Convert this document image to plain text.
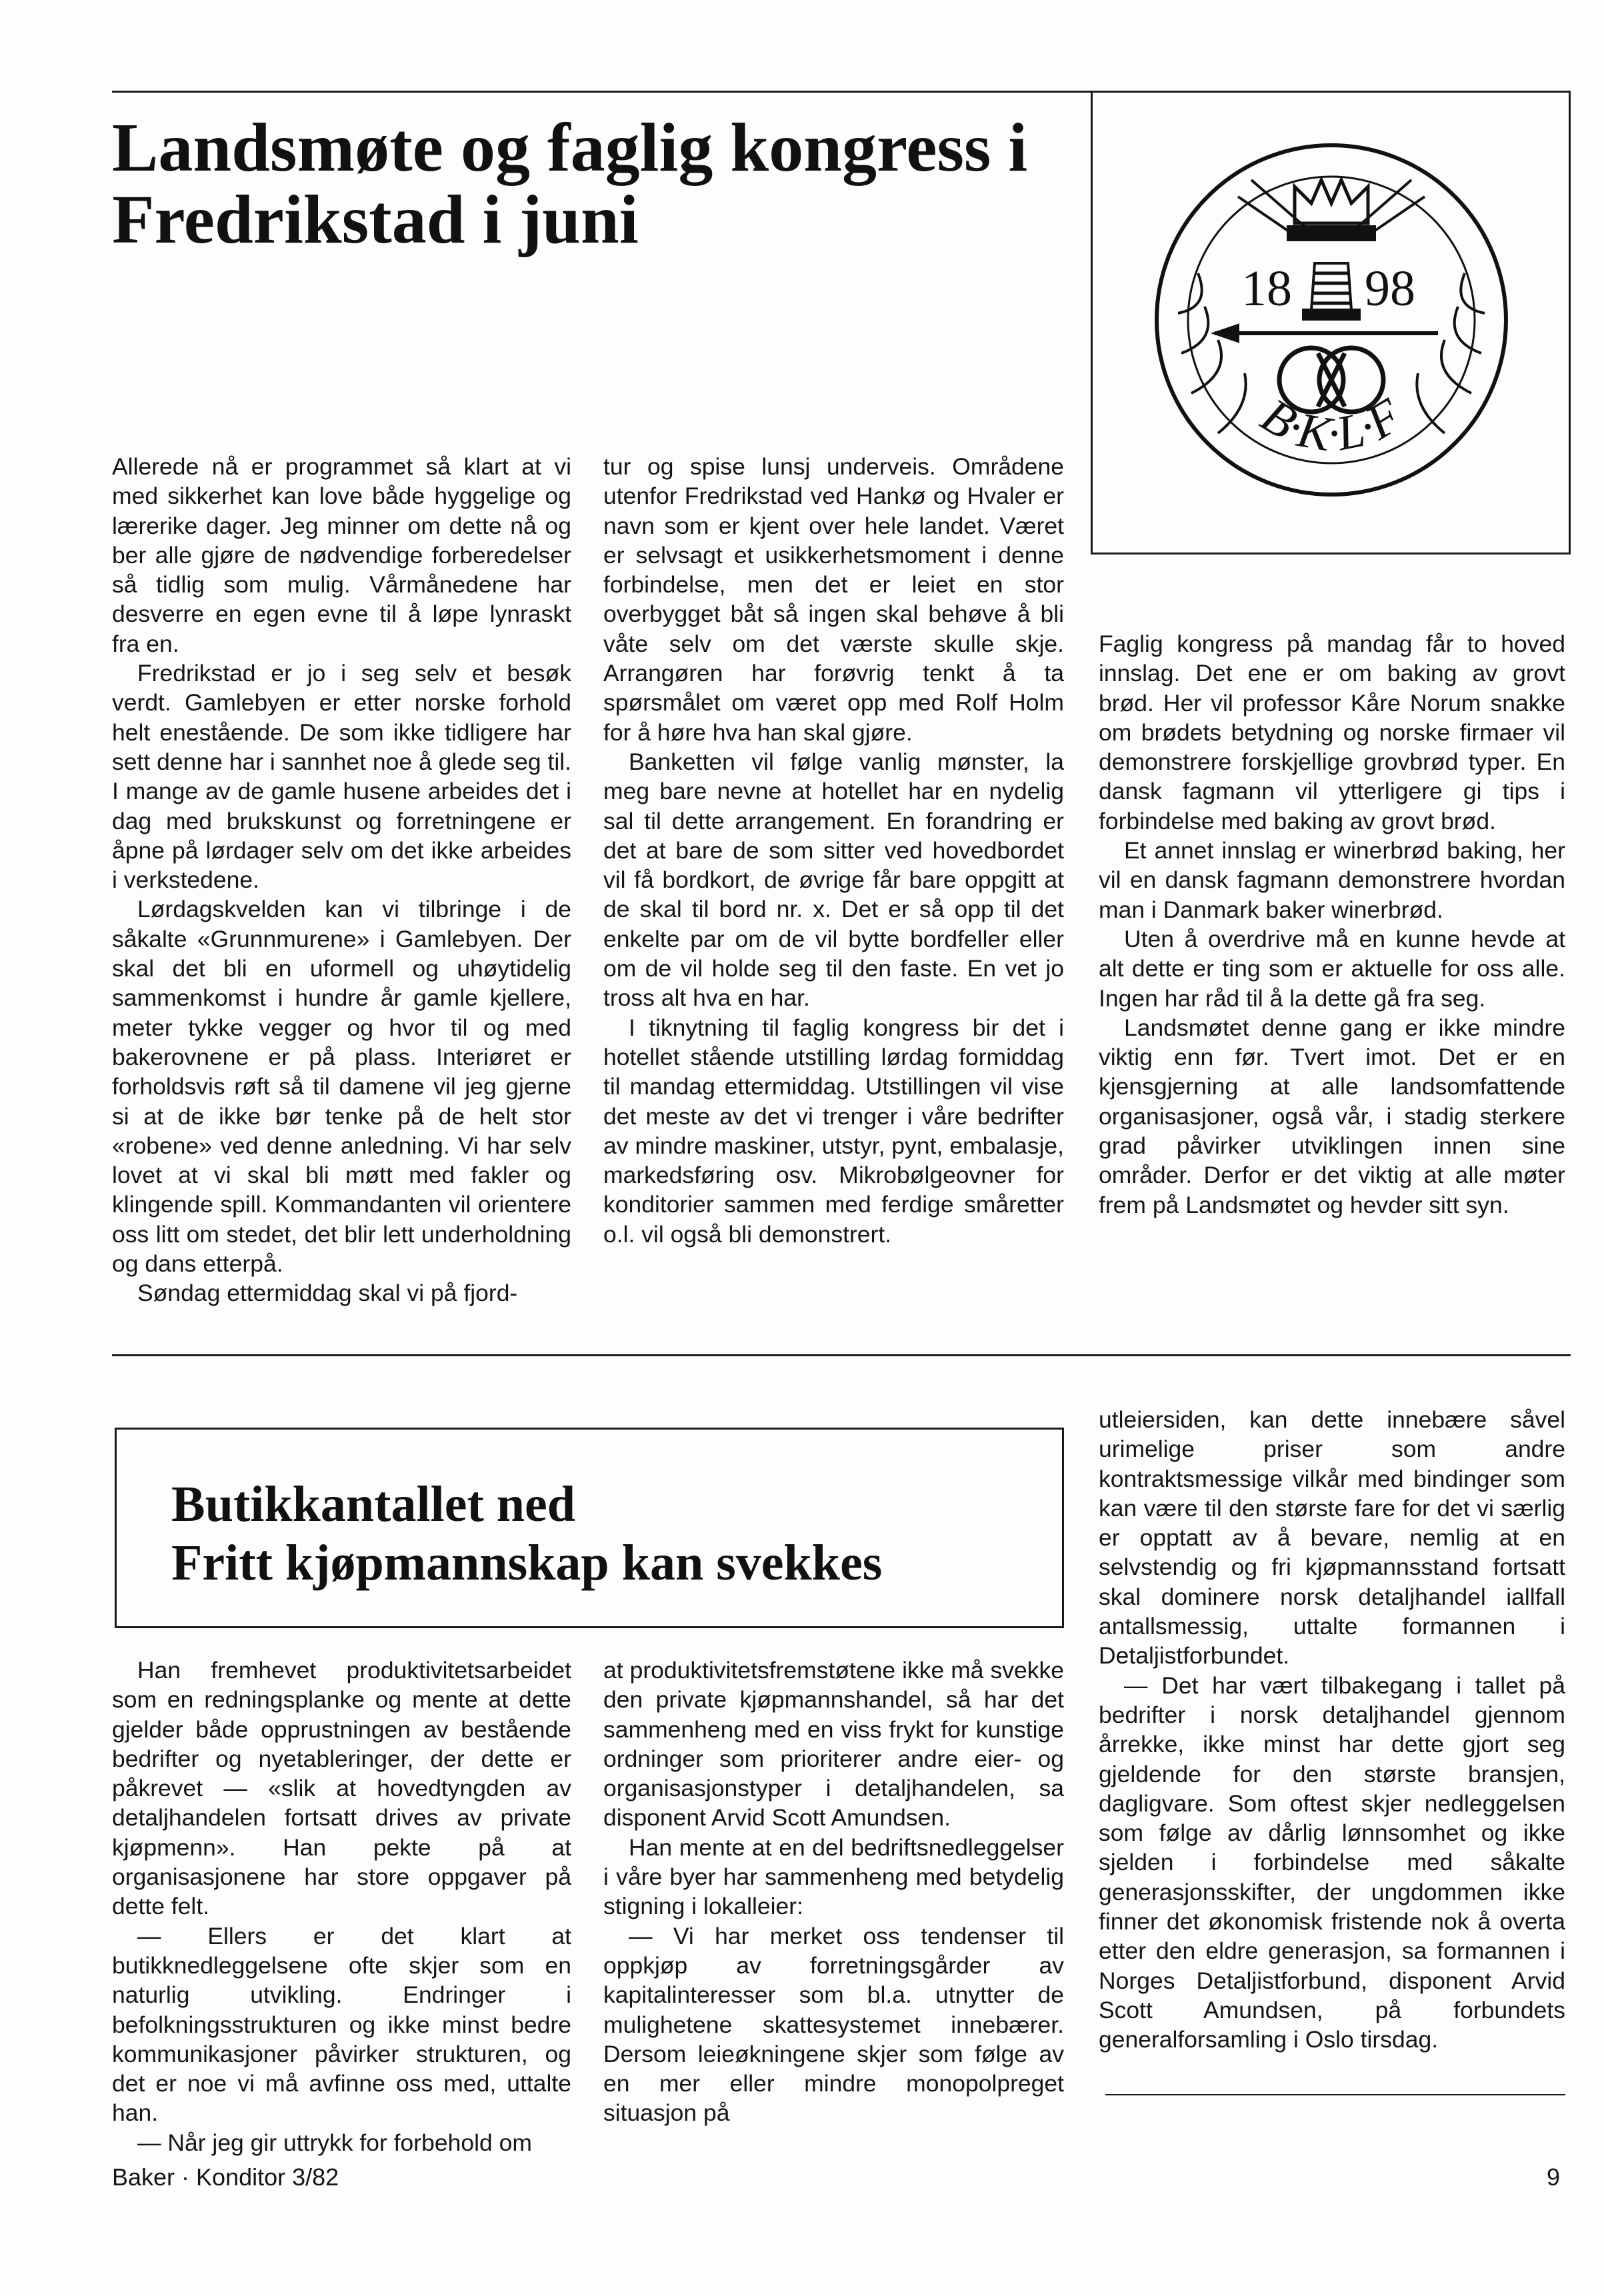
Landsmøte og faglig kongress i
Fredrikstad i juni
18 98
B·K·L·F

Allerede nå er programmet så klart at vi med sikkerhet kan love både hyggelige og lærerike dager. Jeg minner om dette nå og ber alle gjøre de nødvendige forberedelser så tidlig som mulig. Vårmånedene har desverre en egen evne til å løpe lynraskt fra en.

Fredrikstad er jo i seg selv et besøk verdt. Gamlebyen er etter norske forhold helt enestående. De som ikke tidligere har sett denne har i sannhet noe å glede seg til. I mange av de gamle husene arbeides det i dag med brukskunst og forretningene er åpne på lørdager selv om det ikke arbeides i verkstedene.

Lørdagskvelden kan vi tilbringe i de såkalte «Grunnmurene» i Gamlebyen. Der skal det bli en uformell og uhøytidelig sammenkomst i hundre år gamle kjellere, meter tykke vegger og hvor til og med bakerovnene er på plass. Interiøret er forholdsvis røft så til damene vil jeg gjerne si at de ikke bør tenke på de helt stor «robene» ved denne anledning. Vi har selv lovet at vi skal bli møtt med fakler og klingende spill. Kommandanten vil orientere oss litt om stedet, det blir lett underholdning og dans etterpå.

Søndag ettermiddag skal vi på fjord-

tur og spise lunsj underveis. Områdene utenfor Fredrikstad ved Hankø og Hvaler er navn som er kjent over hele landet. Været er selvsagt et usikkerhetsmoment i denne forbindelse, men det er leiet en stor overbygget båt så ingen skal behøve å bli våte selv om det værste skulle skje. Arrangøren har forøvrig tenkt å ta spørsmålet om været opp med Rolf Holm for å høre hva han skal gjøre.

Banketten vil følge vanlig mønster, la meg bare nevne at hotellet har en nydelig sal til dette arrangement. En forandring er det at bare de som sitter ved hovedbordet vil få bordkort, de øvrige får bare oppgitt at de skal til bord nr. x. Det er så opp til det enkelte par om de vil bytte bordfeller eller om de vil holde seg til den faste. En vet jo tross alt hva en har.

I tiknytning til faglig kongress bir det i hotellet stående utstilling lørdag formiddag til mandag ettermiddag. Utstillingen vil vise det meste av det vi trenger i våre bedrifter av mindre maskiner, utstyr, pynt, embalasje, markedsføring osv. Mikrobølgeovner for konditorier sammen med ferdige småretter o.l. vil også bli demonstrert.

Faglig kongress på mandag får to hoved innslag. Det ene er om baking av grovt brød. Her vil professor Kåre Norum snakke om brødets betydning og norske firmaer vil demonstrere forskjellige grovbrød typer. En dansk fagmann vil ytterligere gi tips i forbindelse med baking av grovt brød.

Et annet innslag er winerbrød baking, her vil en dansk fagmann demonstrere hvordan man i Danmark baker winerbrød.

Uten å overdrive må en kunne hevde at alt dette er ting som er aktuelle for oss alle. Ingen har råd til å la dette gå fra seg.

Landsmøtet denne gang er ikke mindre viktig enn før. Tvert imot. Det er en kjensgjerning at alle landsomfattende organisasjoner, også vår, i stadig sterkere grad påvirker utviklingen innen sine områder. Derfor er det viktig at alle møter frem på Landsmøtet og hevder sitt syn.

Butikkantallet ned
Fritt kjøpmannskap kan svekkes

Han fremhevet produktivitetsarbeidet som en redningsplanke og mente at dette gjelder både opprustningen av bestående bedrifter og nyetableringer, der dette er påkrevet — «slik at hovedtyngden av detaljhandelen fortsatt drives av private kjøpmenn». Han pekte på at organisasjonene har store oppgaver på dette felt.

— Ellers er det klart at butikknedleggelsene ofte skjer som en naturlig utvikling. Endringer i befolkningsstrukturen og ikke minst bedre kommunikasjoner påvirker strukturen, og det er noe vi må avfinne oss med, uttalte han.

— Når jeg gir uttrykk for forbehold om

at produktivitetsfremstøtene ikke må svekke den private kjøpmannshandel, så har det sammenheng med en viss frykt for kunstige ordninger som prioriterer andre eier- og organisasjonstyper i detaljhandelen, sa disponent Arvid Scott Amundsen.

Han mente at en del bedriftsnedleggelser i våre byer har sammenheng med betydelig stigning i lokalleier:

— Vi har merket oss tendenser til oppkjøp av forretningsgårder av kapitalinteresser som bl.a. utnytter de mulighetene skattesystemet innebærer. Dersom leieøkningene skjer som følge av en mer eller mindre monopolpreget situasjon på

utleiersiden, kan dette innebære såvel urimelige priser som andre kontraktsmessige vilkår med bindinger som kan være til den største fare for det vi særlig er opptatt av å bevare, nemlig at en selvstendig og fri kjøpmannsstand fortsatt skal dominere norsk detaljhandel iallfall antallsmessig, uttalte formannen i Detaljistforbundet.

— Det har vært tilbakegang i tallet på bedrifter i norsk detaljhandel gjennom årrekke, ikke minst har dette gjort seg gjeldende for den største bransjen, dagligvare. Som oftest skjer nedleggelsen som følge av dårlig lønnsomhet og ikke sjelden i forbindelse med såkalte generasjonsskifter, der ungdommen ikke finner det økonomisk fristende nok å overta etter den eldre generasjon, sa formannen i Norges Detaljistforbund, disponent Arvid Scott Amundsen, på forbundets generalforsamling i Oslo tirsdag.

Baker · Konditor 3/82	9
